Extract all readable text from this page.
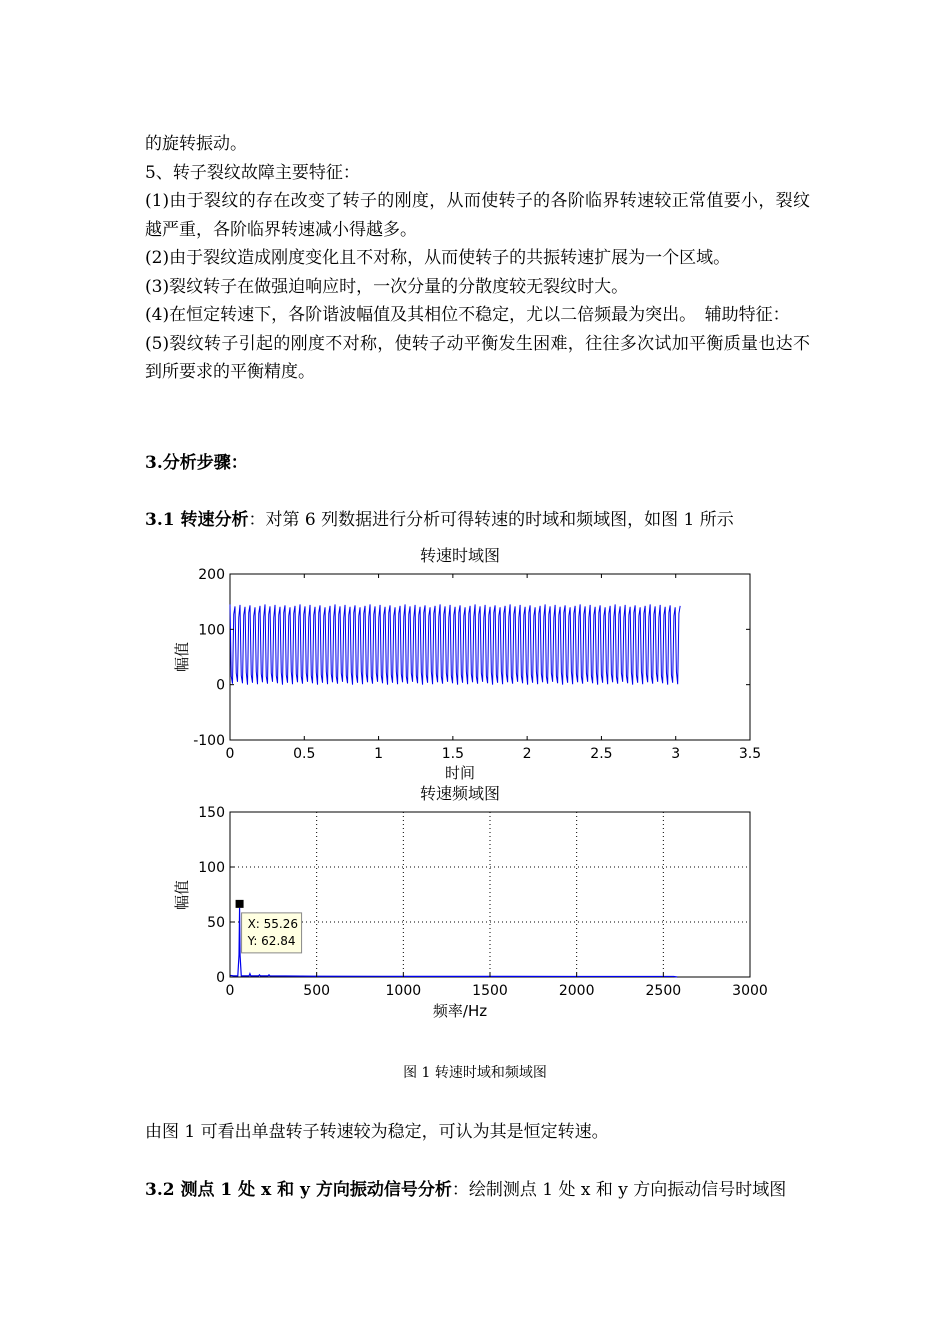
的旋转振动。

5、转子裂纹故障主要特征：

(1)由于裂纹的存在改变了转子的刚度，从而使转子的各阶临界转速较正常值要小，裂纹越严重，各阶临界转速减小得越多。

(2)由于裂纹造成刚度变化且不对称，从而使转子的共振转速扩展为一个区域。

(3)裂纹转子在做强迫响应时，一次分量的分散度较无裂纹时大。

(4)在恒定转速下，各阶谐波幅值及其相位不稳定，尤以二倍频最为突出。　辅助特征：

(5)裂纹转子引起的刚度不对称，使转子动平衡发生困难，往往多次试加平衡质量也达不到所要求的平衡精度。

3.分析步骤：
3.1 转速分析：对第 6 列数据进行分析可得转速的时域和频域图，如图 1 所示
转速时域图
0	0.5	1	1.5	2	2.5	3	3.5
-100
0
100
200
时间
幅值
转速频域图
0	500	1000	1500	2000	2500	3000
0
50
100
150
X: 55.26
Y: 62.84
频率/Hz
幅值
图 1 转速时域和频域图

由图 1 可看出单盘转子转速较为稳定，可认为其是恒定转速。

3.2 测点 1 处 x 和 y 方向振动信号分析：绘制测点 1 处 x 和 y 方向振动信号时域图
